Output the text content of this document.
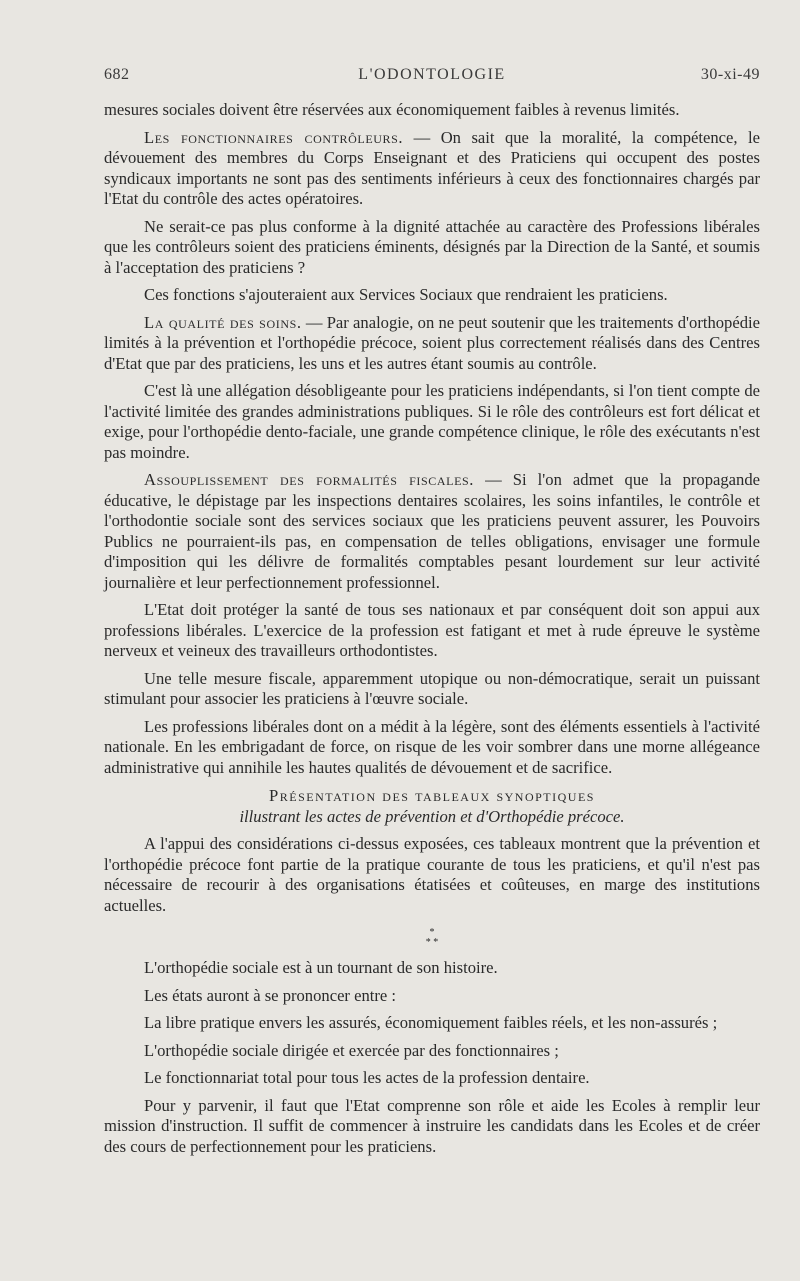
L'ODONTOLOGIE
682	30-xi-49

mesures sociales doivent être réservées aux économiquement faibles à revenus limités.

Les fonctionnaires contrôleurs. — On sait que la moralité, la compétence, le dévouement des membres du Corps Enseignant et des Praticiens qui occupent des postes syndicaux importants ne sont pas des sentiments inférieurs à ceux des fonctionnaires chargés par l'Etat du contrôle des actes opératoires.

Ne serait-ce pas plus conforme à la dignité attachée au caractère des Professions libérales que les contrôleurs soient des praticiens éminents, désignés par la Direction de la Santé, et soumis à l'acceptation des praticiens ?

Ces fonctions s'ajouteraient aux Services Sociaux que rendraient les praticiens.

La qualité des soins. — Par analogie, on ne peut soutenir que les traitements d'orthopédie limités à la prévention et l'orthopédie précoce, soient plus correctement réalisés dans des Centres d'Etat que par des praticiens, les uns et les autres étant soumis au contrôle.

C'est là une allégation désobligeante pour les praticiens indépendants, si l'on tient compte de l'activité limitée des grandes administrations publiques. Si le rôle des contrôleurs est fort délicat et exige, pour l'orthopédie dento-faciale, une grande compétence clinique, le rôle des exécutants n'est pas moindre.

Assouplissement des formalités fiscales. — Si l'on admet que la propagande éducative, le dépistage par les inspections dentaires scolaires, les soins infantiles, le contrôle et l'orthodontie sociale sont des services sociaux que les praticiens peuvent assurer, les Pouvoirs Publics ne pourraient-ils pas, en compensation de telles obligations, envisager une formule d'imposition qui les délivre de formalités comptables pesant lourdement sur leur activité journalière et leur perfectionnement professionnel.

L'Etat doit protéger la santé de tous ses nationaux et par conséquent doit son appui aux professions libérales. L'exercice de la profession est fatigant et met à rude épreuve le système nerveux et veineux des travailleurs orthodontistes.

Une telle mesure fiscale, apparemment utopique ou non-démocratique, serait un puissant stimulant pour associer les praticiens à l'œuvre sociale.

Les professions libérales dont on a médit à la légère, sont des éléments essentiels à l'activité nationale. En les embrigadant de force, on risque de les voir sombrer dans une morne allégeance administrative qui annihile les hautes qualités de dévouement et de sacrifice.

Présentation des tableaux synoptiques

illustrant les actes de prévention et d'Orthopédie précoce.

A l'appui des considérations ci-dessus exposées, ces tableaux montrent que la prévention et l'orthopédie précoce font partie de la pratique courante de tous les praticiens, et qu'il n'est pas nécessaire de recourir à des organisations étatisées et coûteuses, en marge des institutions actuelles.

*
* *

L'orthopédie sociale est à un tournant de son histoire.

Les états auront à se prononcer entre :

La libre pratique envers les assurés, économiquement faibles réels, et les non-assurés ;

L'orthopédie sociale dirigée et exercée par des fonctionnaires ;

Le fonctionnariat total pour tous les actes de la profession dentaire.

Pour y parvenir, il faut que l'Etat comprenne son rôle et aide les Ecoles à remplir leur mission d'instruction. Il suffit de commencer à instruire les candidats dans les Ecoles et de créer des cours de perfectionnement pour les praticiens.
